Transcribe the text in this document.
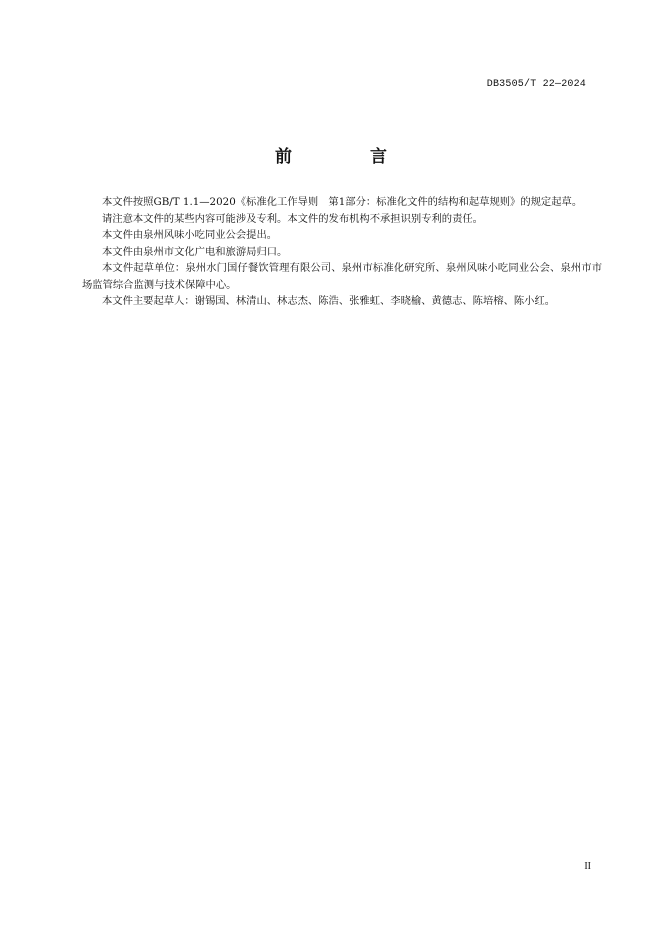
DB3505/T 22—2024
前 言

本文件按照GB/T 1.1—2020《标准化工作导则　第1部分：标准化文件的结构和起草规则》的规定起草。

请注意本文件的某些内容可能涉及专利。本文件的发布机构不承担识别专利的责任。

本文件由泉州风味小吃同业公会提出。

本文件由泉州市文化广电和旅游局归口。

本文件起草单位：泉州水门国仔餐饮管理有限公司、泉州市标准化研究所、泉州风味小吃同业公会、泉州市市场监管综合监测与技术保障中心。

本文件主要起草人：谢锡国、林清山、林志杰、陈浩、张雅虹、李晓榆、黄德志、陈培榕、陈小红。

II
